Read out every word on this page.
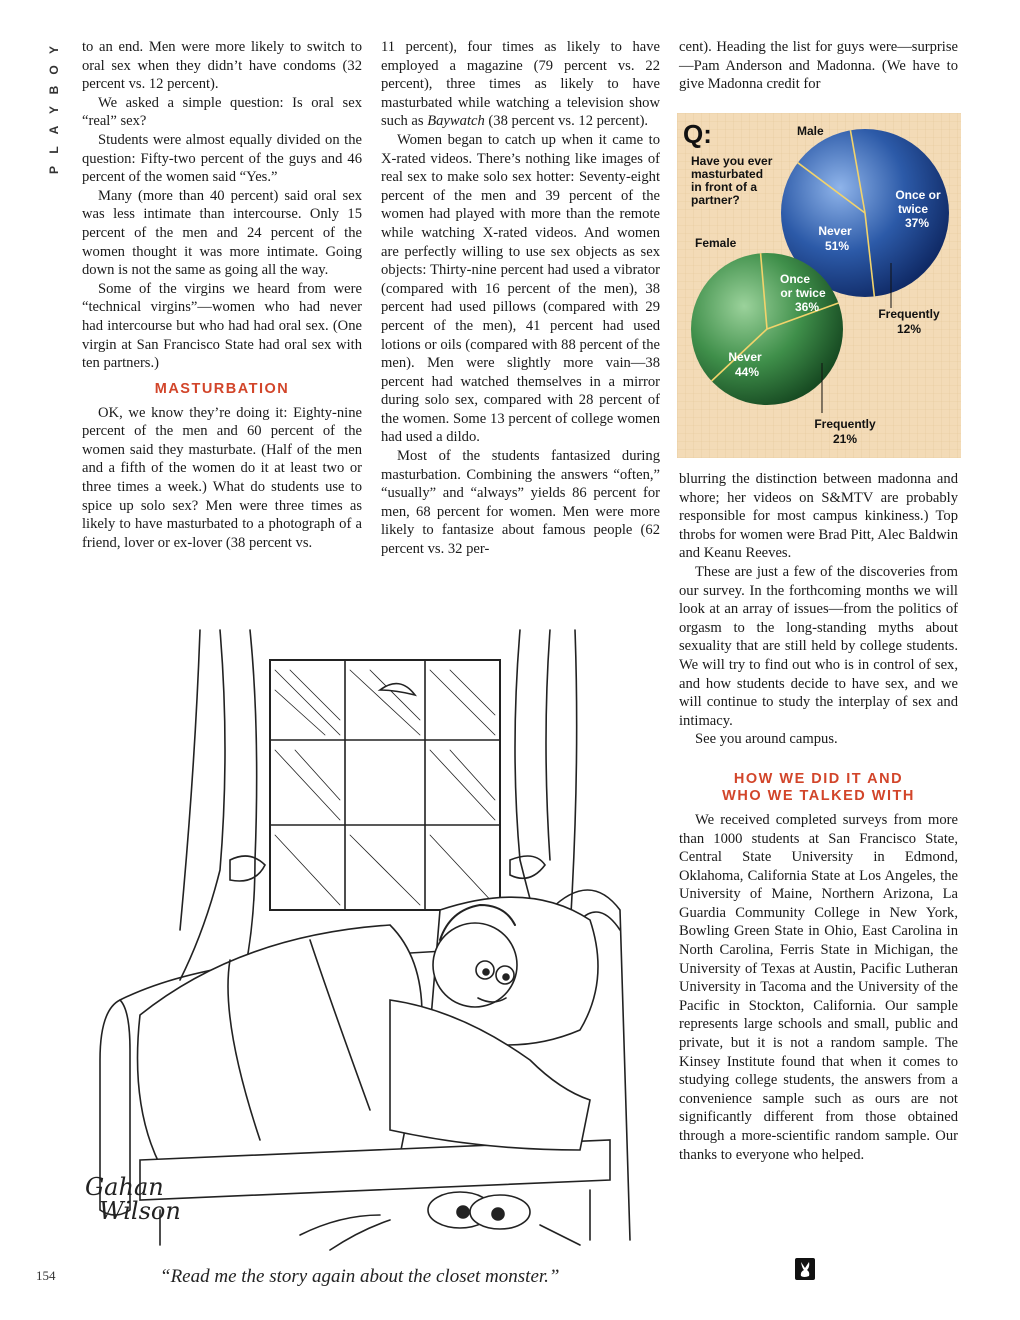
Y
O
B
Y
A
L
P

to an end. Men were more likely to switch to oral sex when they didn’t have condoms (32 percent vs. 12 percent).

We asked a simple question: Is oral sex “real” sex?

Students were almost equally divided on the question: Fifty-two percent of the guys and 46 percent of the women said “Yes.”

Many (more than 40 percent) said oral sex was less intimate than intercourse. Only 15 percent of the men and 24 percent of the women thought it was more intimate. Going down is not the same as going all the way.

Some of the virgins we heard from were “technical virgins”—women who had never had intercourse but who had had oral sex. (One virgin at San Francisco State had oral sex with ten partners.)

MASTURBATION

OK, we know they’re doing it: Eighty-nine percent of the men and 60 percent of the women said they masturbate. (Half of the men and a fifth of the women do it at least two or three times a week.) What do students use to spice up solo sex? Men were three times as likely to have masturbated to a photograph of a friend, lover or ex-lover (38 percent vs.

11 percent), four times as likely to have employed a magazine (79 percent vs. 22 percent), three times as likely to have masturbated while watching a television show such as Baywatch (38 percent vs. 12 percent).

Women began to catch up when it came to X-rated videos. There’s nothing like images of real sex to make solo sex hotter: Seventy-eight percent of the men and 39 percent of the women had played with more than the remote while watching X-rated videos. And women are perfectly willing to use sex objects as sex objects: Thirty-nine percent had used a vibrator (compared with 16 percent of the men), 38 percent had used pillows (compared with 29 percent of the men), 41 percent had used lotions or oils (compared with 88 percent of the men). Men were slightly more vain—38 percent had watched themselves in a mirror during solo sex, compared with 28 percent of the women. Some 13 percent of college women had used a dildo.

Most of the students fantasized during masturbation. Combining the answers “often,” “usually” and “always” yields 86 percent for men, 68 percent for women. Men were more likely to fantasize about famous people (62 percent vs. 32 per-

cent). Heading the list for guys were—surprise—Pam Anderson and Madonna. (We have to give Madonna credit for

Q:
Have you ever
masturbated
in front of a
partner?
Male
Female
Never
51%
Once or
twice
37%
Frequently
12%
Never
44%
Once
or twice
36%
Frequently
21%

blurring the distinction between madonna and whore; her videos on S&MTV are probably responsible for most campus kinkiness.) Top throbs for women were Brad Pitt, Alec Baldwin and Keanu Reeves.

These are just a few of the discoveries from our survey. In the forthcoming months we will look at an array of issues—from the politics of orgasm to the long-standing myths about sexuality that are still held by college students. We will try to find out who is in control of sex, and how students decide to have sex, and we will continue to study the interplay of sex and intimacy.

See you around campus.

HOW WE DID IT AND
WHO WE TALKED WITH

We received completed surveys from more than 1000 students at San Francisco State, Central State University in Edmond, Oklahoma, California State at Los Angeles, the University of Maine, Northern Arizona, La Guardia Community College in New York, Bowling Green State in Ohio, East Carolina in North Carolina, Ferris State in Michigan, the University of Texas at Austin, Pacific Lutheran University in Tacoma and the University of the Pacific in Stockton, California. Our sample represents large schools and small, public and private, but it is not a random sample. The Kinsey Institute found that when it comes to studying college students, the answers from a convenience sample such as ours are not significantly different from those obtained through a more-scientific random sample. Our thanks to everyone who helped.

Gahan
Wilson
“Read me the story again about the closet monster.”
154
